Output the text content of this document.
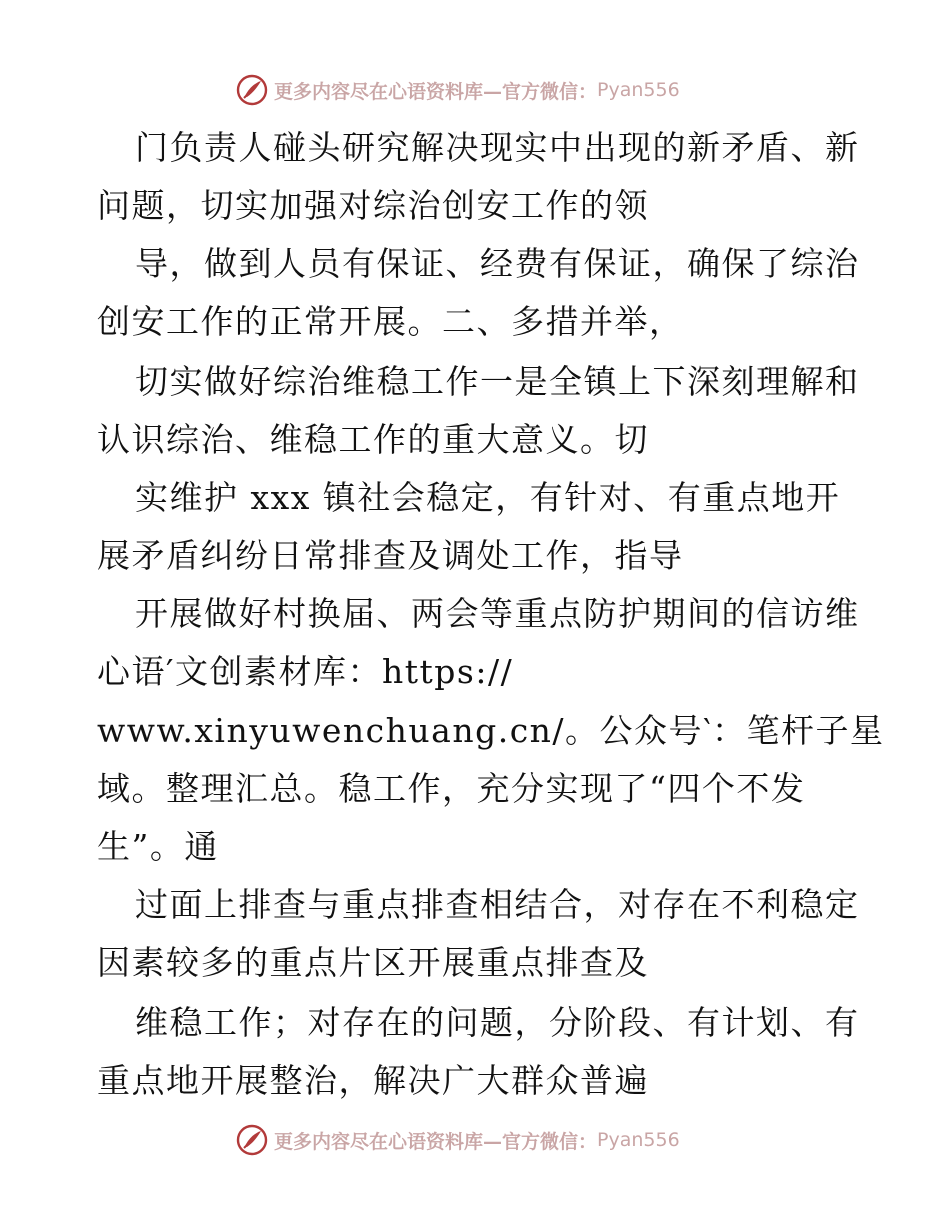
更多内容尽在心语资料库—官方微信： Pyan556
门负责人碰头研究解决现实中出现的新矛盾、新
问题，切实加强对综治创安工作的领
导，做到人员有保证、经费有保证，确保了综治
创安工作的正常开展。二、多措并举，
切实做好综治维稳工作一是全镇上下深刻理解和
认识综治、维稳工作的重大意义。切
实维护 xxx 镇社会稳定，有针对、有重点地开
展矛盾纠纷日常排查及调处工作，指导
开展做好村换届、两会等重点防护期间的信访维
心语′文创素材库：https://
www.xinyuwenchuang.cn/。公众号‵：笔杆子星
域。整理汇总。稳工作，充分实现了“四个不发
生”。通
过面上排查与重点排查相结合，对存在不利稳定
因素较多的重点片区开展重点排查及
维稳工作；对存在的问题，分阶段、有计划、有
重点地开展整治，解决广大群众普遍
更多内容尽在心语资料库—官方微信： Pyan556
